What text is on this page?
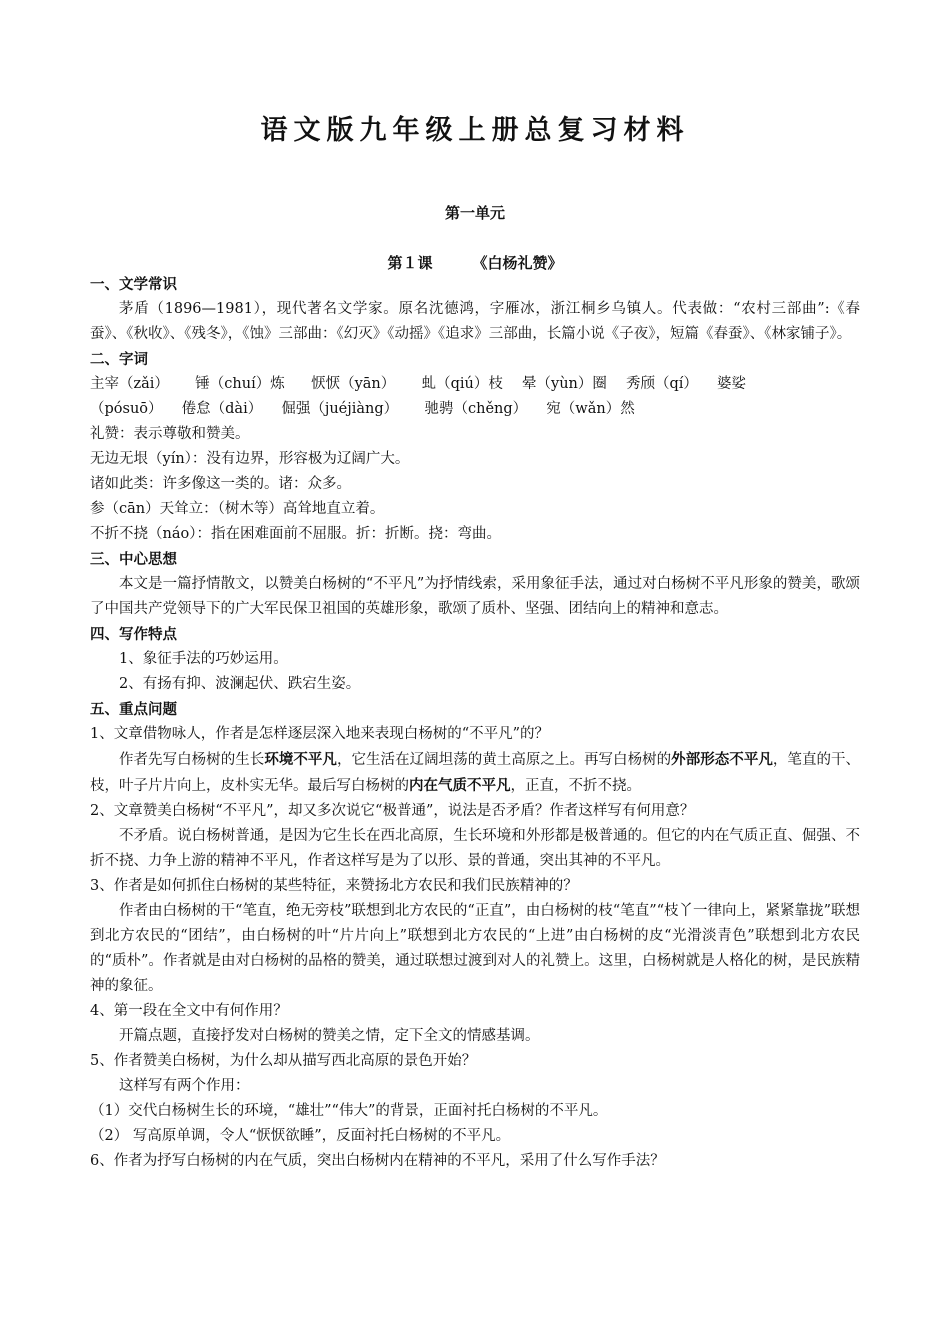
语文版九年级上册总复习材料
第一单元
第１课	《白杨礼赞》

一、文学常识

茅盾（1896—1981），现代著名文学家。原名沈德鸿，字雁冰，浙江桐乡乌镇人。代表做：“农村三部曲”:《春蚕》、《秋收》、《残冬》，《蚀》三部曲：《幻灭》《动摇》《追求》三部曲，长篇小说《子夜》，短篇《春蚕》、《林家铺子》。

二、字词

主宰（zǎi）   锤（chuí）炼   恹恹（yān）   虬（qiú）枝  晕（yùn）圈  秀颀（qí）  婆娑
（pósuō）  倦怠（dài）  倔强（juéjiàng）   驰骋（chěng）  宛（wǎn）然

礼赞：表示尊敬和赞美。

无边无垠（yín）：没有边界，形容极为辽阔广大。

诸如此类：许多像这一类的。诸：众多。

参（cān）天耸立：（树木等）高耸地直立着。

不折不挠（náo）：指在困难面前不屈服。折：折断。挠：弯曲。

三、中心思想

本文是一篇抒情散文，以赞美白杨树的“不平凡”为抒情线索，采用象征手法，通过对白杨树不平凡形象的赞美，歌颂了中国共产党领导下的广大军民保卫祖国的英雄形象，歌颂了质朴、坚强、团结向上的精神和意志。

四、写作特点

1、象征手法的巧妙运用。

2、有扬有抑、波澜起伏、跌宕生姿。

五、重点问题

1、文章借物咏人，作者是怎样逐层深入地来表现白杨树的“不平凡”的？

作者先写白杨树的生长环境不平凡，它生活在辽阔坦荡的黄土高原之上。再写白杨树的外部形态不平凡，笔直的干、枝，叶子片片向上，皮朴实无华。最后写白杨树的内在气质不平凡，正直，不折不挠。

2、文章赞美白杨树“不平凡”，却又多次说它“极普通”，说法是否矛盾？作者这样写有何用意？

不矛盾。说白杨树普通，是因为它生长在西北高原，生长环境和外形都是极普通的。但它的内在气质正直、倔强、不折不挠、力争上游的精神不平凡，作者这样写是为了以形、景的普通，突出其神的不平凡。

3、作者是如何抓住白杨树的某些特征，来赞扬北方农民和我们民族精神的？

作者由白杨树的干“笔直，绝无旁枝”联想到北方农民的“正直”，由白杨树的枝“笔直”“枝丫一律向上，紧紧靠拢”联想到北方农民的“团结”，由白杨树的叶“片片向上”联想到北方农民的“上进”由白杨树的皮“光滑淡青色”联想到北方农民的“质朴”。作者就是由对白杨树的品格的赞美，通过联想过渡到对人的礼赞上。这里，白杨树就是人格化的树，是民族精神的象征。

4、第一段在全文中有何作用？

开篇点题，直接抒发对白杨树的赞美之情，定下全文的情感基调。

5、作者赞美白杨树，为什么却从描写西北高原的景色开始？

这样写有两个作用：

（1）交代白杨树生长的环境，“雄壮”“伟大”的背景，正面衬托白杨树的不平凡。

（2） 写高原单调，令人“恹恹欲睡”，反面衬托白杨树的不平凡。

6、作者为抒写白杨树的内在气质，突出白杨树内在精神的不平凡，采用了什么写作手法？
